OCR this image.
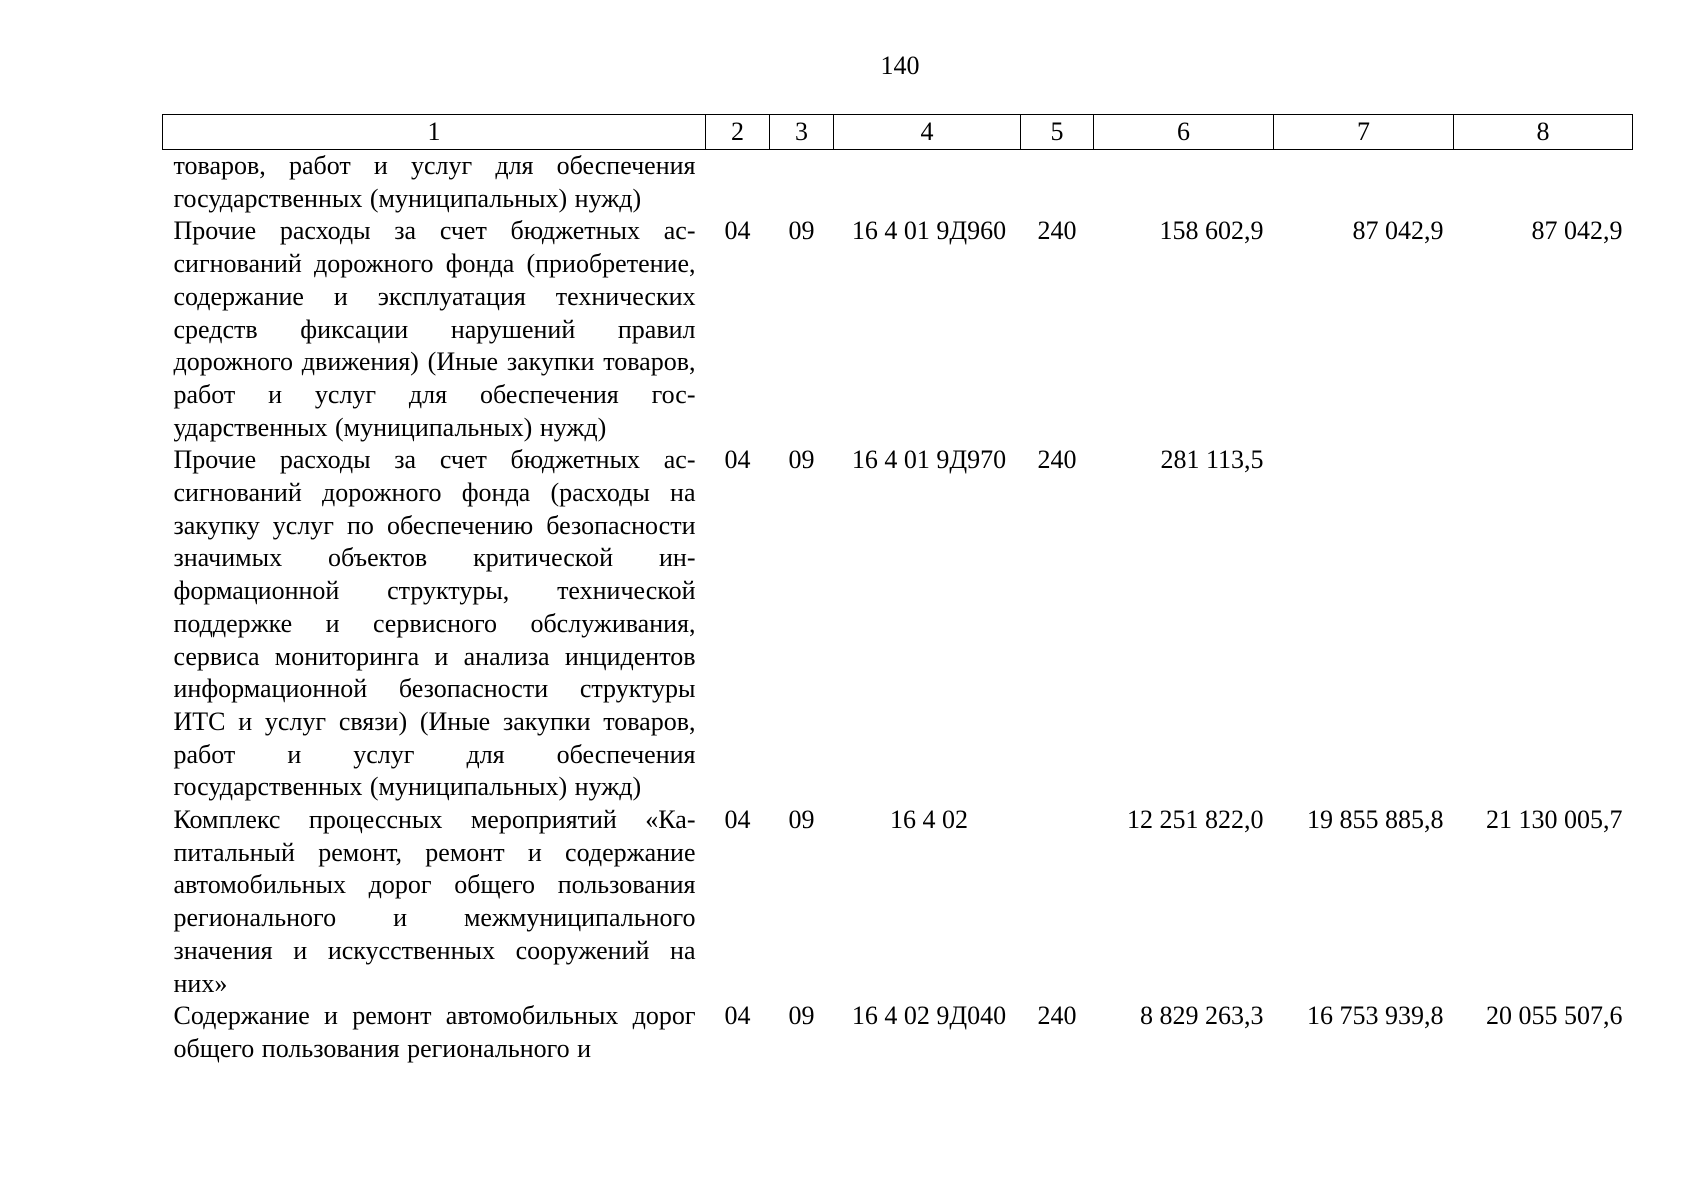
140
1	2	3	4	5	6	7	8
товаров, работ и услуг для обеспечения государственных (муниципальных) нужд)							
Прочие расходы за счет бюджетных ассигнований дорожного фонда (приобретение, содержание и эксплуатация технических средств фиксации нарушений правил дорожного движения) (Иные закупки товаров, работ и услуг для обеспечения государственных (муниципальных) нужд)	04	09	16 4 01 9Д960	240	158 602,9	87 042,9	87 042,9
Прочие расходы за счет бюджетных ассигнований дорожного фонда (расходы на закупку услуг по обеспечению безопасности значимых объектов критической информационной структуры, технической поддержке и сервисного обслуживания, сервиса мониторинга и анализа инцидентов информационной безопасности структуры ИТС и услуг связи) (Иные закупки товаров, работ и услуг для обеспечения государственных (муниципальных) нужд)	04	09	16 4 01 9Д970	240	281 113,5		
Комплекс процессных мероприятий «Капитальный ремонт, ремонт и содержание автомобильных дорог общего пользования регионального и межмуниципального значения и искусственных сооружений на них»	04	09	16 4 02		12 251 822,0	19 855 885,8	21 130 005,7
Содержание и ремонт автомобильных дорог общего пользования регионального и	04	09	16 4 02 9Д040	240	8 829 263,3	16 753 939,8	20 055 507,6
